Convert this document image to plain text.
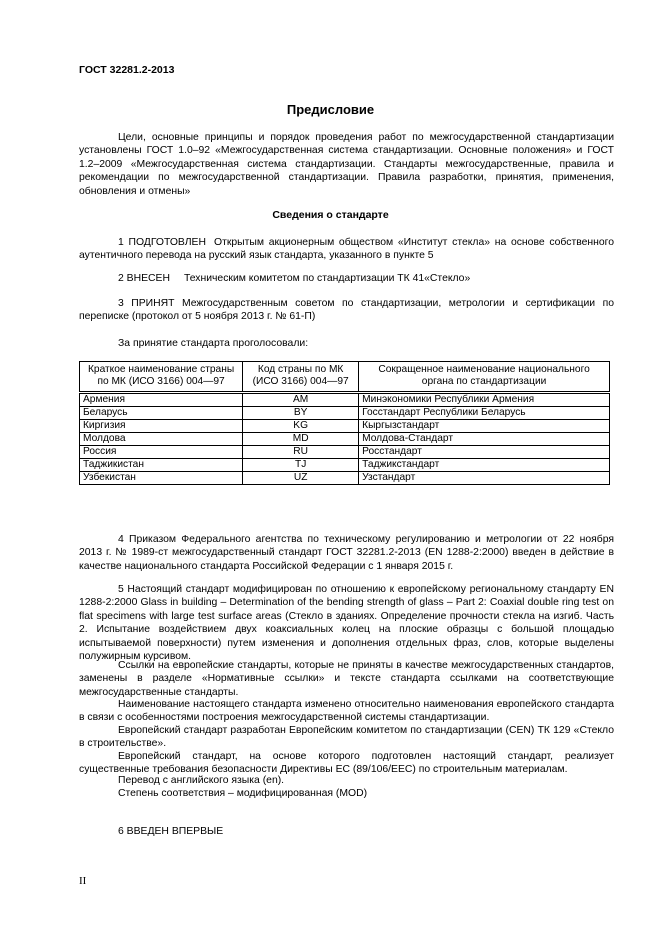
ГОСТ 32281.2-2013
Предисловие

Цели, основные принципы и порядок проведения работ по межгосударственной стандартизации установлены ГОСТ 1.0–92 «Межгосударственная система стандартизации. Основные положения» и ГОСТ 1.2–2009 «Межгосударственная система стандартизации. Стандарты межгосударственные, правила и рекомендации по межгосударственной стандартизации. Правила разработки, принятия, применения, обновления и отмены»

Сведения о стандарте

1 ПОДГОТОВЛЕН Открытым акционерным обществом «Институт стекла» на основе собственного аутентичного перевода на русский язык стандарта, указанного в пункте 5

2 ВНЕСЕН Техническим комитетом по стандартизации ТК 41«Стекло»

3 ПРИНЯТ Межгосударственным советом по стандартизации, метрологии и сертификации по переписке (протокол от 5 ноября 2013 г. № 61-П)

За принятие стандарта проголосовали:

Краткое наименование страны по МК (ИСО 3166) 004—97	Код страны по МК (ИСО 3166) 004—97	Сокращенное наименование национального органа по стандартизации
Армения	AM	Минэкономики Республики Армения
Беларусь	BY	Госстандарт Республики Беларусь
Киргизия	KG	Кыргызстандарт
Молдова	MD	Молдова-Стандарт
Россия	RU	Росстандарт
Таджикистан	TJ	Таджикстандарт
Узбекистан	UZ	Узстандарт

4 Приказом Федерального агентства по техническому регулированию и метрологии от 22 ноября 2013 г. № 1989-ст межгосударственный стандарт ГОСТ 32281.2-2013 (EN 1288-2:2000) введен в действие в качестве национального стандарта Российской Федерации с 1 января 2015 г.

5 Настоящий стандарт модифицирован по отношению к европейскому региональному стандарту EN 1288-2:2000 Glass in building – Determination of the bending strength of glass – Part 2: Coaxial double ring test on flat specimens with large test surface areas (Стекло в зданиях. Определение прочности стекла на изгиб. Часть 2. Испытание воздействием двух коаксиальных колец на плоские образцы с большой площадью испытываемой поверхности) путем изменения и дополнения отдельных фраз, слов, которые выделены полужирным курсивом.

Ссылки на европейские стандарты, которые не приняты в качестве межгосударственных стандартов, заменены в разделе «Нормативные ссылки» и тексте стандарта ссылками на соответствующие межгосударственные стандарты.

Наименование настоящего стандарта изменено относительно наименования европейского стандарта в связи с особенностями построения межгосударственной системы стандартизации.

Европейский стандарт разработан Европейским комитетом по стандартизации (CEN) ТК 129 «Стекло в строительстве».

Европейский стандарт, на основе которого подготовлен настоящий стандарт, реализует существенные требования безопасности Директивы ЕС (89/106/EEC) по строительным материалам.

Перевод с английского языка (en).

Степень соответствия – модифицированная (MOD)

6 ВВЕДЕН ВПЕРВЫЕ

II
